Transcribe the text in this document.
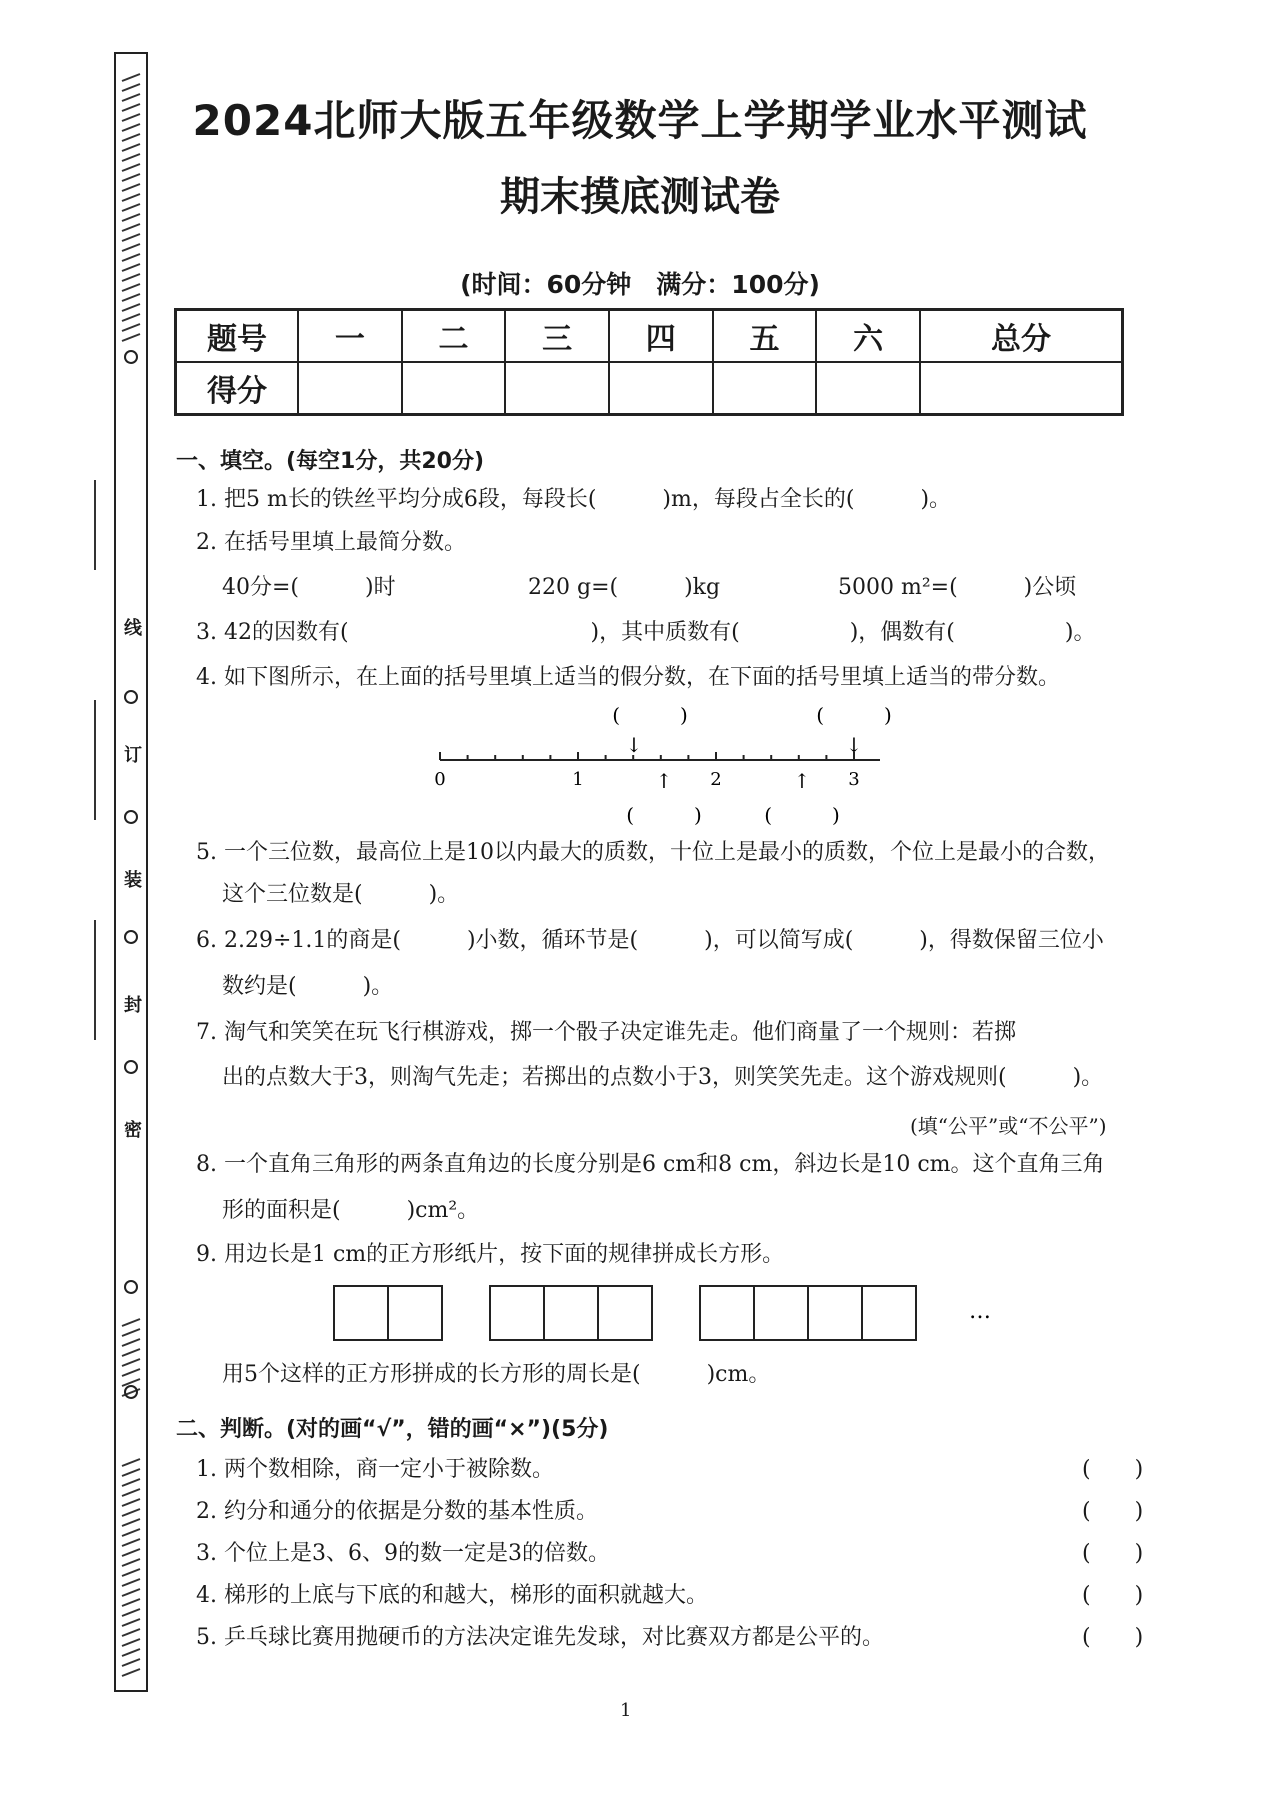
线
订
装
封
密
2024北师大版五年级数学上学期学业水平测试
期末摸底测试卷
(时间：60分钟　满分：100分)
题号	一	二	三	四	五	六	总分
得分							
一、填空。(每空1分，共20分)
1. 把5 m长的铁丝平均分成6段，每段长(　　　)m，每段占全长的(　　　)。
2. 在括号里填上最简分数。
40分=(　　　)时	220 g=(　　　)kg	5000 m²=(　　　)公顷
3. 42的因数有(　　　　　　　　　　　)，其中质数有(　　　　　)，偶数有(　　　　　)。
4. 如下图所示，在上面的括号里填上适当的假分数，在下面的括号里填上适当的带分数。
0	1	2	3
(　　　)	(　　　)
↓	↓
↑	↑
(　　　)	(　　　)
5. 一个三位数，最高位上是10以内最大的质数，十位上是最小的质数，个位上是最小的合数，
这个三位数是(　　　)。
6. 2.29÷1.1的商是(　　　)小数，循环节是(　　　)，可以简写成(　　　)，得数保留三位小
数约是(　　　)。
7. 淘气和笑笑在玩飞行棋游戏，掷一个骰子决定谁先走。他们商量了一个规则：若掷
出的点数大于3，则淘气先走；若掷出的点数小于3，则笑笑先走。这个游戏规则(　　　)。
(填“公平”或“不公平”)
8. 一个直角三角形的两条直角边的长度分别是6 cm和8 cm，斜边长是10 cm。这个直角三角
形的面积是(　　　)cm²。
9. 用边长是1 cm的正方形纸片，按下面的规律拼成长方形。
…
用5个这样的正方形拼成的长方形的周长是(　　　)cm。
二、判断。(对的画“√”，错的画“×”)(5分)
1. 两个数相除，商一定小于被除数。
2. 约分和通分的依据是分数的基本性质。
3. 个位上是3、6、9的数一定是3的倍数。
4. 梯形的上底与下底的和越大，梯形的面积就越大。
5. 乒乓球比赛用抛硬币的方法决定谁先发球，对比赛双方都是公平的。
(　　)
(　　)
(　　)
(　　)
(　　)
1
